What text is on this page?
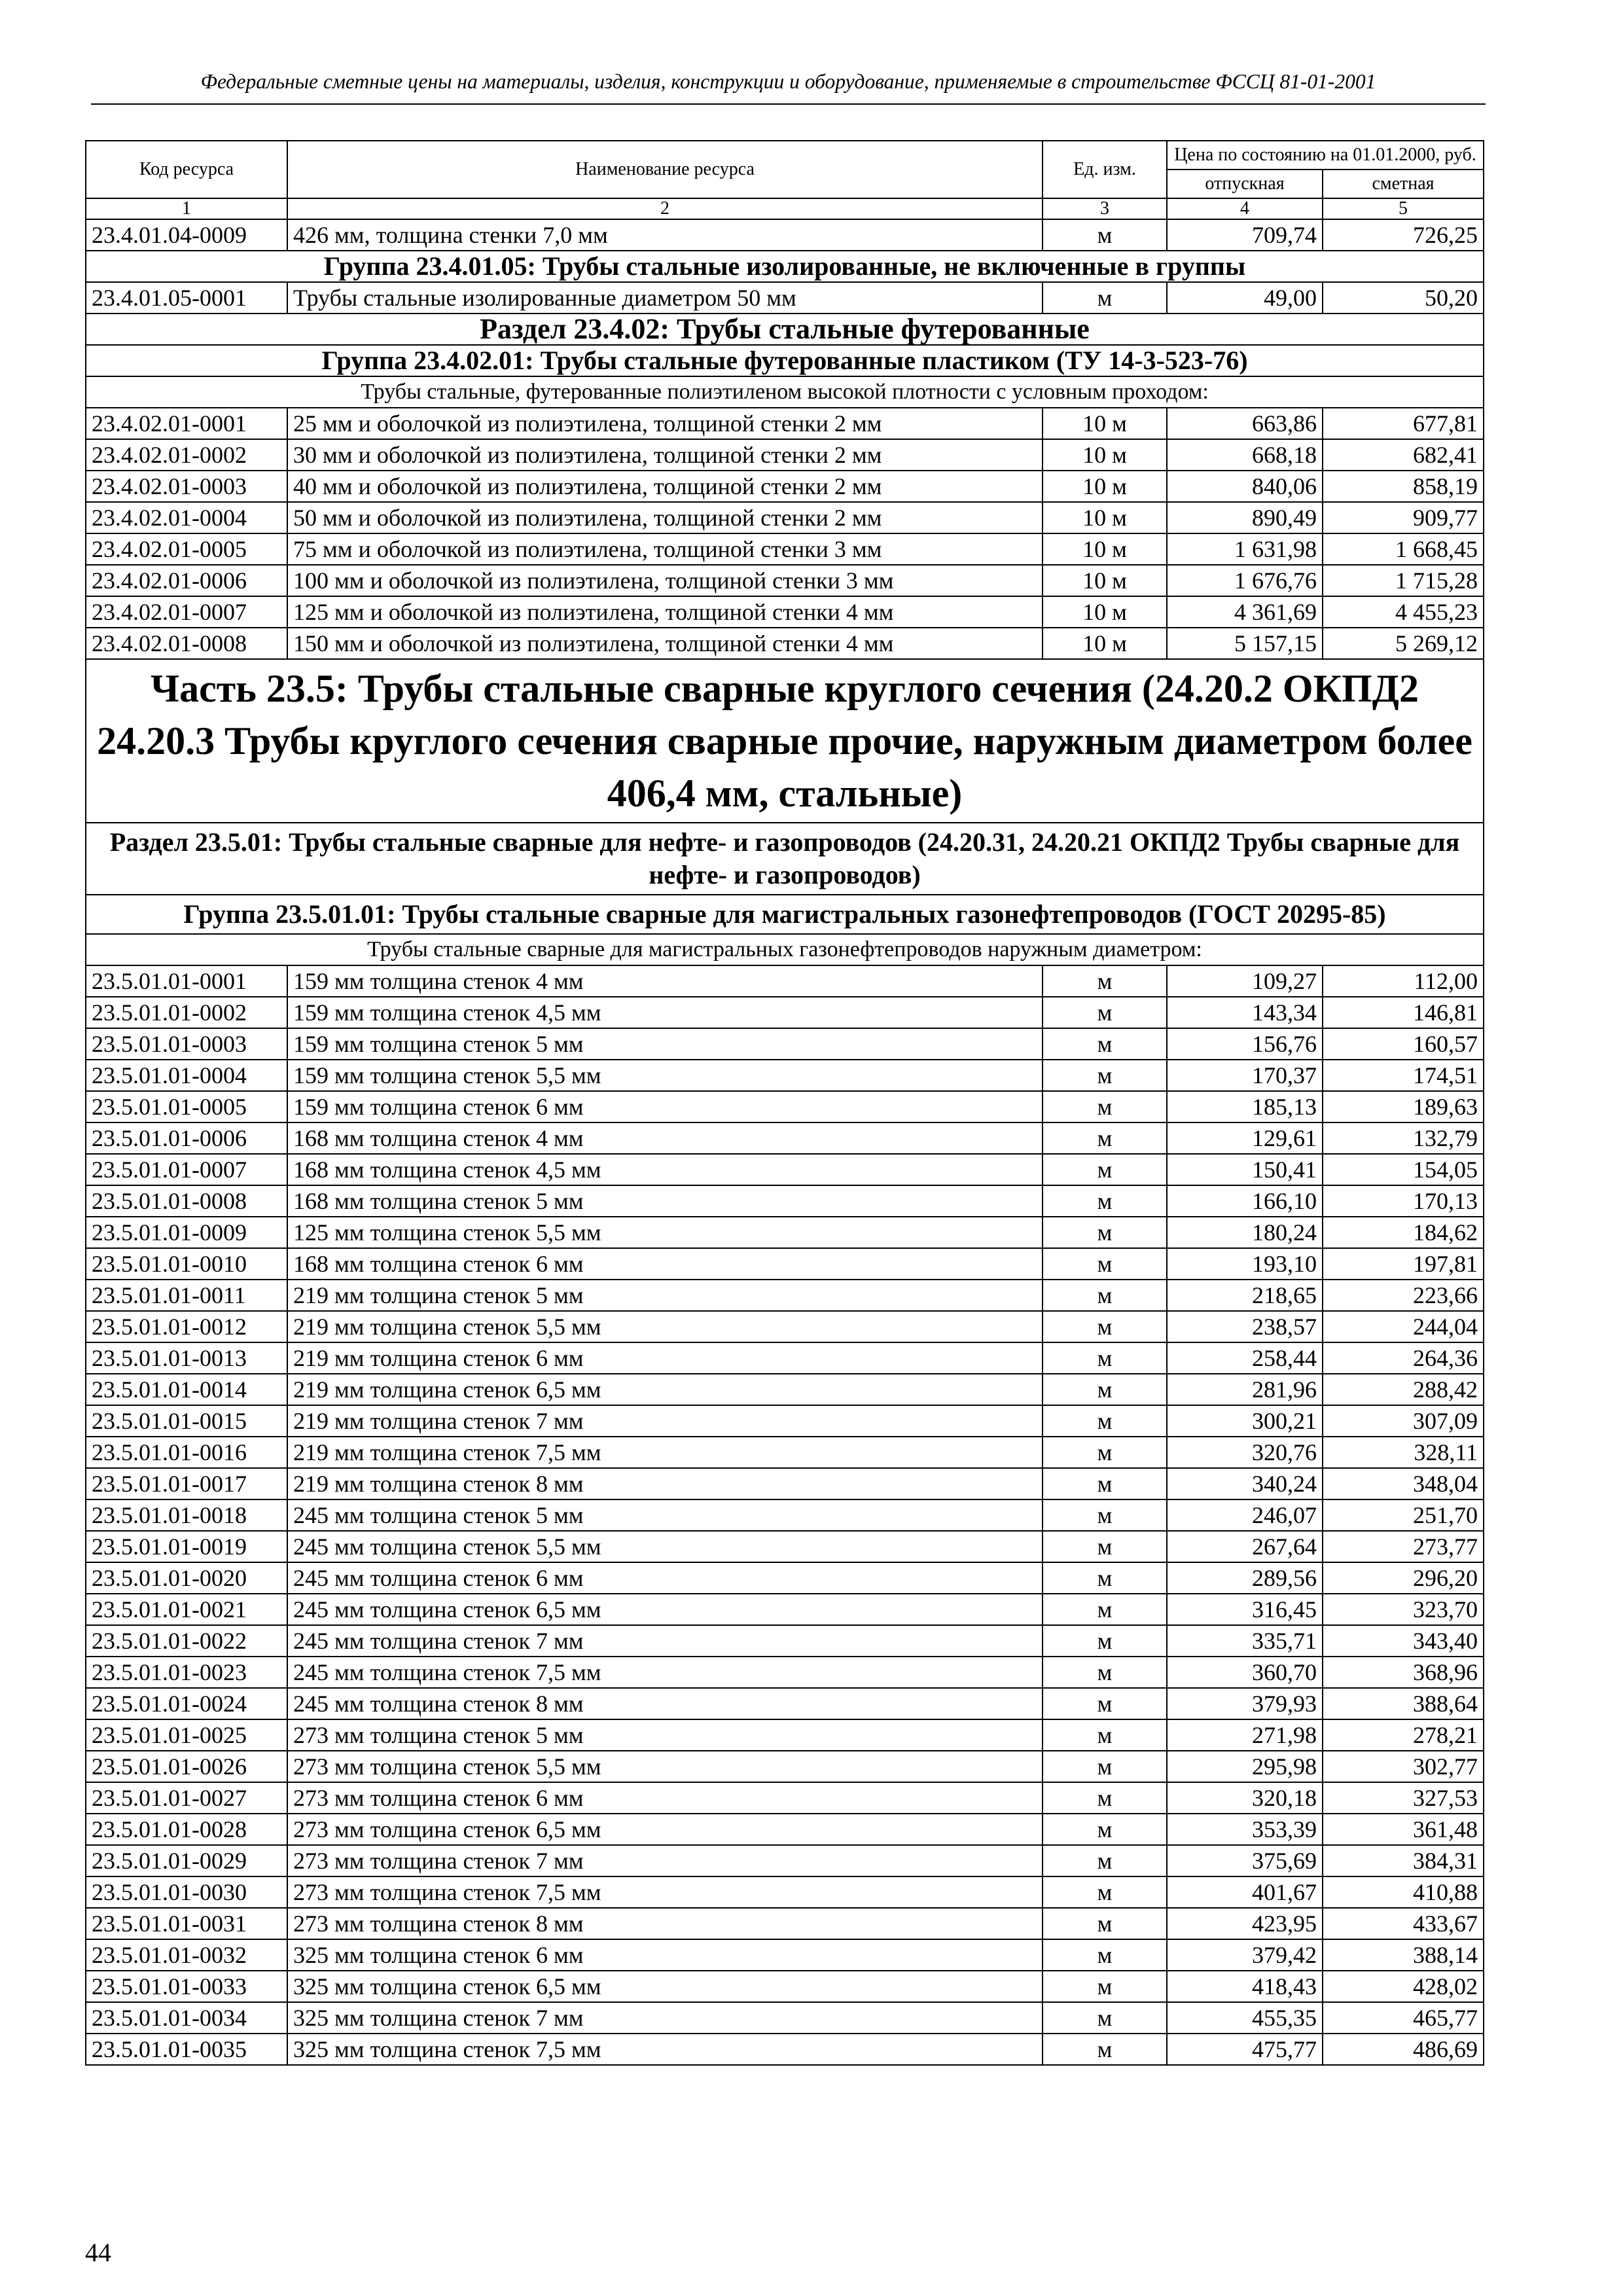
Федеральные сметные цены на материалы, изделия, конструкции и оборудование, применяемые в строительстве ФССЦ 81-01-2001
Код ресурса	Наименование ресурса	Ед. изм.	Цена по состоянию на 01.01.2000, руб.	
			отпускная	сметная
1	2	3	4	5
23.4.01.04-0009	426 мм, толщина стенки 7,0 мм	м	709,74	726,25
Группа 23.4.01.05: Трубы стальные изолированные, не включенные в группы				
23.4.01.05-0001	Трубы стальные изолированные диаметром 50 мм	м	49,00	50,20
Раздел 23.4.02: Трубы стальные футерованные				
Группа 23.4.02.01: Трубы стальные футерованные пластиком (ТУ 14-3-523-76)				
Трубы стальные, футерованные полиэтиленом высокой плотности с условным проходом:				
23.4.02.01-0001	25 мм и оболочкой из полиэтилена, толщиной стенки 2 мм	10 м	663,86	677,81
23.4.02.01-0002	30 мм и оболочкой из полиэтилена, толщиной стенки 2 мм	10 м	668,18	682,41
23.4.02.01-0003	40 мм и оболочкой из полиэтилена, толщиной стенки 2 мм	10 м	840,06	858,19
23.4.02.01-0004	50 мм и оболочкой из полиэтилена, толщиной стенки 2 мм	10 м	890,49	909,77
23.4.02.01-0005	75 мм и оболочкой из полиэтилена, толщиной стенки 3 мм	10 м	1 631,98	1 668,45
23.4.02.01-0006	100 мм и оболочкой из полиэтилена, толщиной стенки 3 мм	10 м	1 676,76	1 715,28
23.4.02.01-0007	125 мм и оболочкой из полиэтилена, толщиной стенки 4 мм	10 м	4 361,69	4 455,23
23.4.02.01-0008	150 мм и оболочкой из полиэтилена, толщиной стенки 4 мм	10 м	5 157,15	5 269,12
Часть 23.5: Трубы стальные сварные круглого сечения (24.20.2 ОКПД2 24.20.3 Трубы круглого сечения сварные прочие, наружным диаметром более 406,4 мм, стальные)				
Раздел 23.5.01: Трубы стальные сварные для нефте- и газопроводов (24.20.31, 24.20.21 ОКПД2 Трубы сварные для нефте- и газопроводов)				
Группа 23.5.01.01: Трубы стальные сварные для магистральных газонефтепроводов (ГОСТ 20295-85)				
Трубы стальные сварные для магистральных газонефтепроводов наружным диаметром:				
23.5.01.01-0001	159 мм толщина стенок 4 мм	м	109,27	112,00
23.5.01.01-0002	159 мм толщина стенок 4,5 мм	м	143,34	146,81
23.5.01.01-0003	159 мм толщина стенок 5 мм	м	156,76	160,57
23.5.01.01-0004	159 мм толщина стенок 5,5 мм	м	170,37	174,51
23.5.01.01-0005	159 мм толщина стенок 6 мм	м	185,13	189,63
23.5.01.01-0006	168 мм толщина стенок 4 мм	м	129,61	132,79
23.5.01.01-0007	168 мм толщина стенок 4,5 мм	м	150,41	154,05
23.5.01.01-0008	168 мм толщина стенок 5 мм	м	166,10	170,13
23.5.01.01-0009	125 мм толщина стенок 5,5 мм	м	180,24	184,62
23.5.01.01-0010	168 мм толщина стенок 6 мм	м	193,10	197,81
23.5.01.01-0011	219 мм толщина стенок 5 мм	м	218,65	223,66
23.5.01.01-0012	219 мм толщина стенок 5,5 мм	м	238,57	244,04
23.5.01.01-0013	219 мм толщина стенок 6 мм	м	258,44	264,36
23.5.01.01-0014	219 мм толщина стенок 6,5 мм	м	281,96	288,42
23.5.01.01-0015	219 мм толщина стенок 7 мм	м	300,21	307,09
23.5.01.01-0016	219 мм толщина стенок 7,5 мм	м	320,76	328,11
23.5.01.01-0017	219 мм толщина стенок 8 мм	м	340,24	348,04
23.5.01.01-0018	245 мм толщина стенок 5 мм	м	246,07	251,70
23.5.01.01-0019	245 мм толщина стенок 5,5 мм	м	267,64	273,77
23.5.01.01-0020	245 мм толщина стенок 6 мм	м	289,56	296,20
23.5.01.01-0021	245 мм толщина стенок 6,5 мм	м	316,45	323,70
23.5.01.01-0022	245 мм толщина стенок 7 мм	м	335,71	343,40
23.5.01.01-0023	245 мм толщина стенок 7,5 мм	м	360,70	368,96
23.5.01.01-0024	245 мм толщина стенок 8 мм	м	379,93	388,64
23.5.01.01-0025	273 мм толщина стенок 5 мм	м	271,98	278,21
23.5.01.01-0026	273 мм толщина стенок 5,5 мм	м	295,98	302,77
23.5.01.01-0027	273 мм толщина стенок 6 мм	м	320,18	327,53
23.5.01.01-0028	273 мм толщина стенок 6,5 мм	м	353,39	361,48
23.5.01.01-0029	273 мм толщина стенок 7 мм	м	375,69	384,31
23.5.01.01-0030	273 мм толщина стенок 7,5 мм	м	401,67	410,88
23.5.01.01-0031	273 мм толщина стенок 8 мм	м	423,95	433,67
23.5.01.01-0032	325 мм толщина стенок 6 мм	м	379,42	388,14
23.5.01.01-0033	325 мм толщина стенок 6,5 мм	м	418,43	428,02
23.5.01.01-0034	325 мм толщина стенок 7 мм	м	455,35	465,77
23.5.01.01-0035	325 мм толщина стенок 7,5 мм	м	475,77	486,69
44
